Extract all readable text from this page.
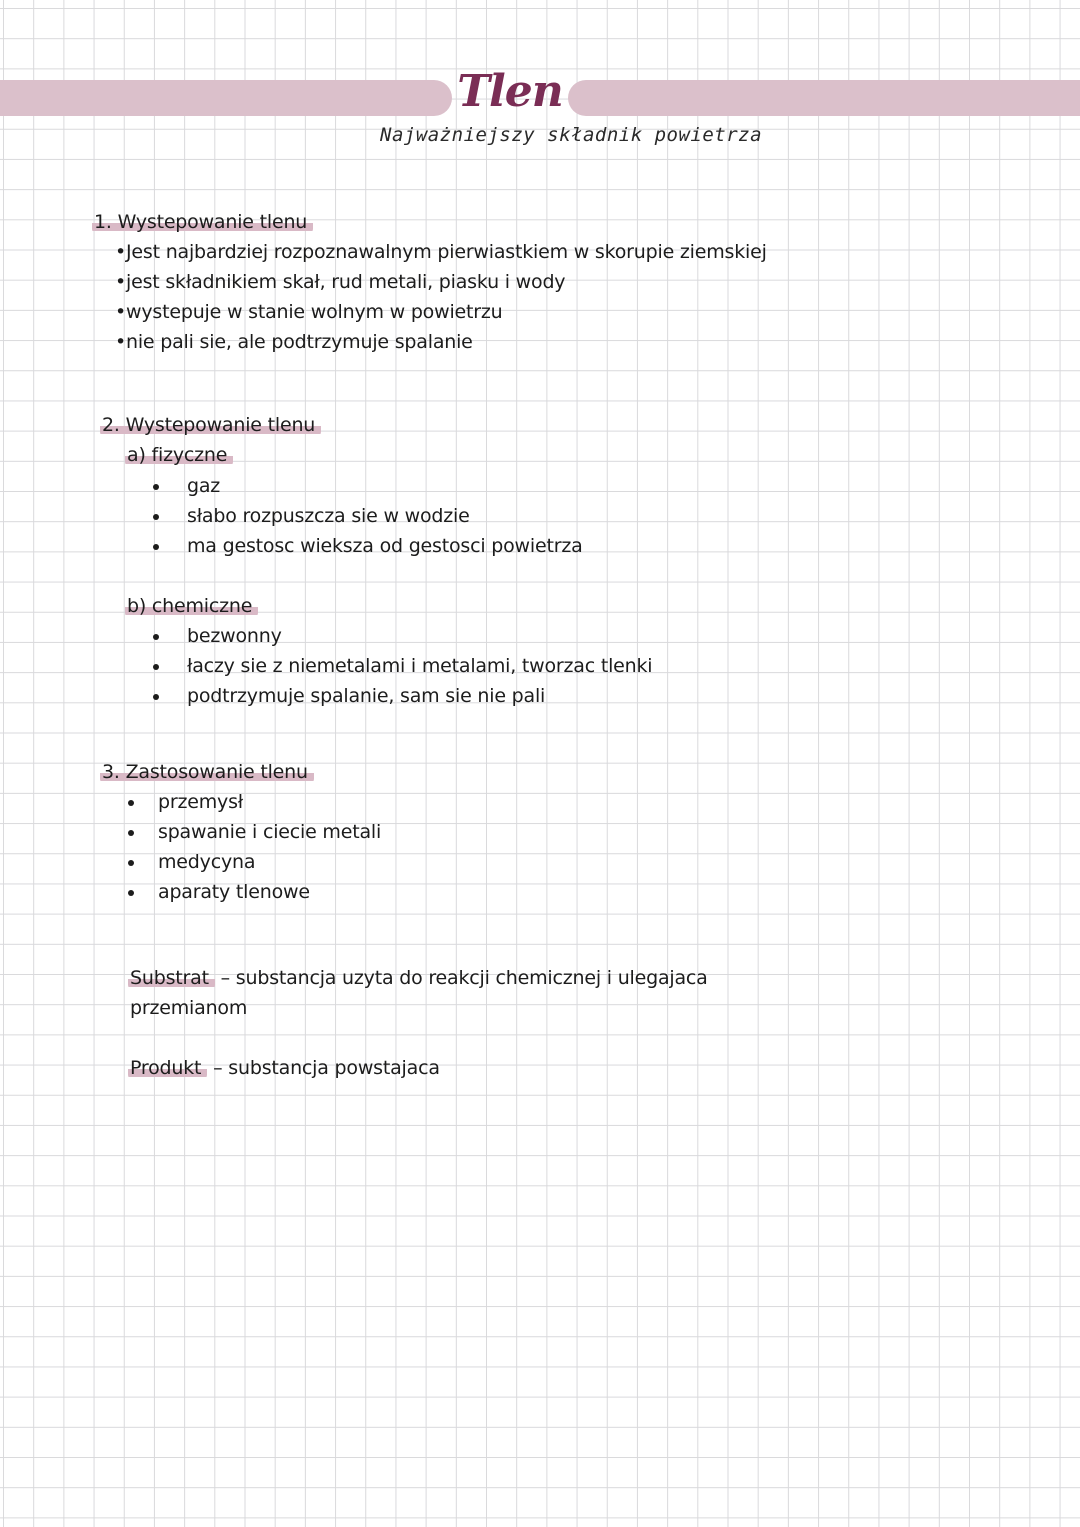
Tlen
Najważniejszy składnik powietrza
1. Wystepowanie tlenu
•Jest najbardziej rozpoznawalnym pierwiastkiem w skorupie ziemskiej
•jest składnikiem skał, rud metali, piasku i wody
•wystepuje w stanie wolnym w powietrzu
•nie pali sie, ale podtrzymuje spalanie
2. Wystepowanie tlenu
a) fizyczne
gaz
słabo rozpuszcza sie w wodzie
ma gestosc wieksza od gestosci powietrza
b) chemiczne
bezwonny
łaczy sie z niemetalami i metalami, tworzac tlenki
podtrzymuje spalanie, sam sie nie pali
3. Zastosowanie tlenu
przemysł
spawanie i ciecie metali
medycyna
aparaty tlenowe
Substrat – substancja uzyta do reakcji chemicznej i ulegajaca
przemianom
Produkt – substancja powstajaca
